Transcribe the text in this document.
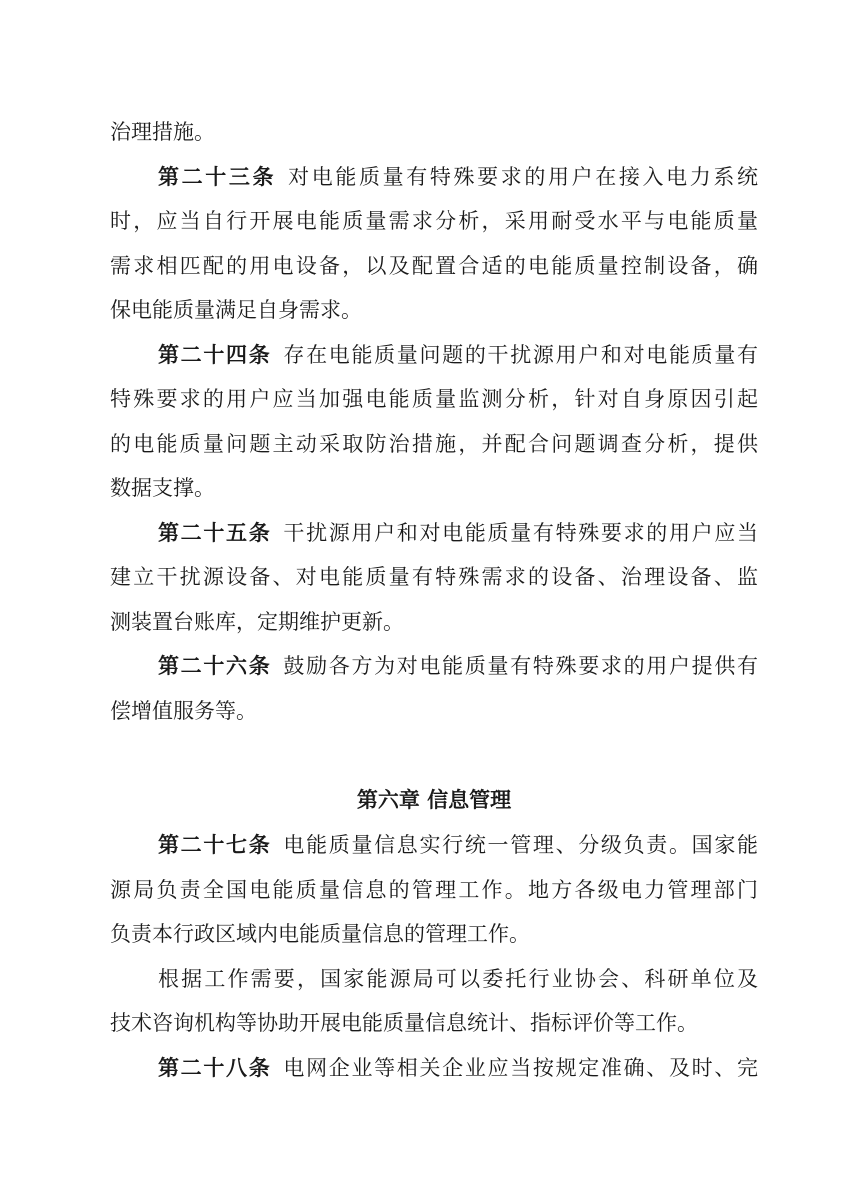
治理措施。
第二十三条 对电能质量有特殊要求的用户在接入电力系统
时，应当自行开展电能质量需求分析，采用耐受水平与电能质量
需求相匹配的用电设备，以及配置合适的电能质量控制设备，确
保电能质量满足自身需求。
第二十四条 存在电能质量问题的干扰源用户和对电能质量有
特殊要求的用户应当加强电能质量监测分析，针对自身原因引起
的电能质量问题主动采取防治措施，并配合问题调查分析，提供
数据支撑。
第二十五条 干扰源用户和对电能质量有特殊要求的用户应当
建立干扰源设备、对电能质量有特殊需求的设备、治理设备、监
测装置台账库，定期维护更新。
第二十六条 鼓励各方为对电能质量有特殊要求的用户提供有
偿增值服务等。
第六章 信息管理
第二十七条 电能质量信息实行统一管理、分级负责。国家能
源局负责全国电能质量信息的管理工作。地方各级电力管理部门
负责本行政区域内电能质量信息的管理工作。
根据工作需要，国家能源局可以委托行业协会、科研单位及
技术咨询机构等协助开展电能质量信息统计、指标评价等工作。
第二十八条 电网企业等相关企业应当按规定准确、及时、完
